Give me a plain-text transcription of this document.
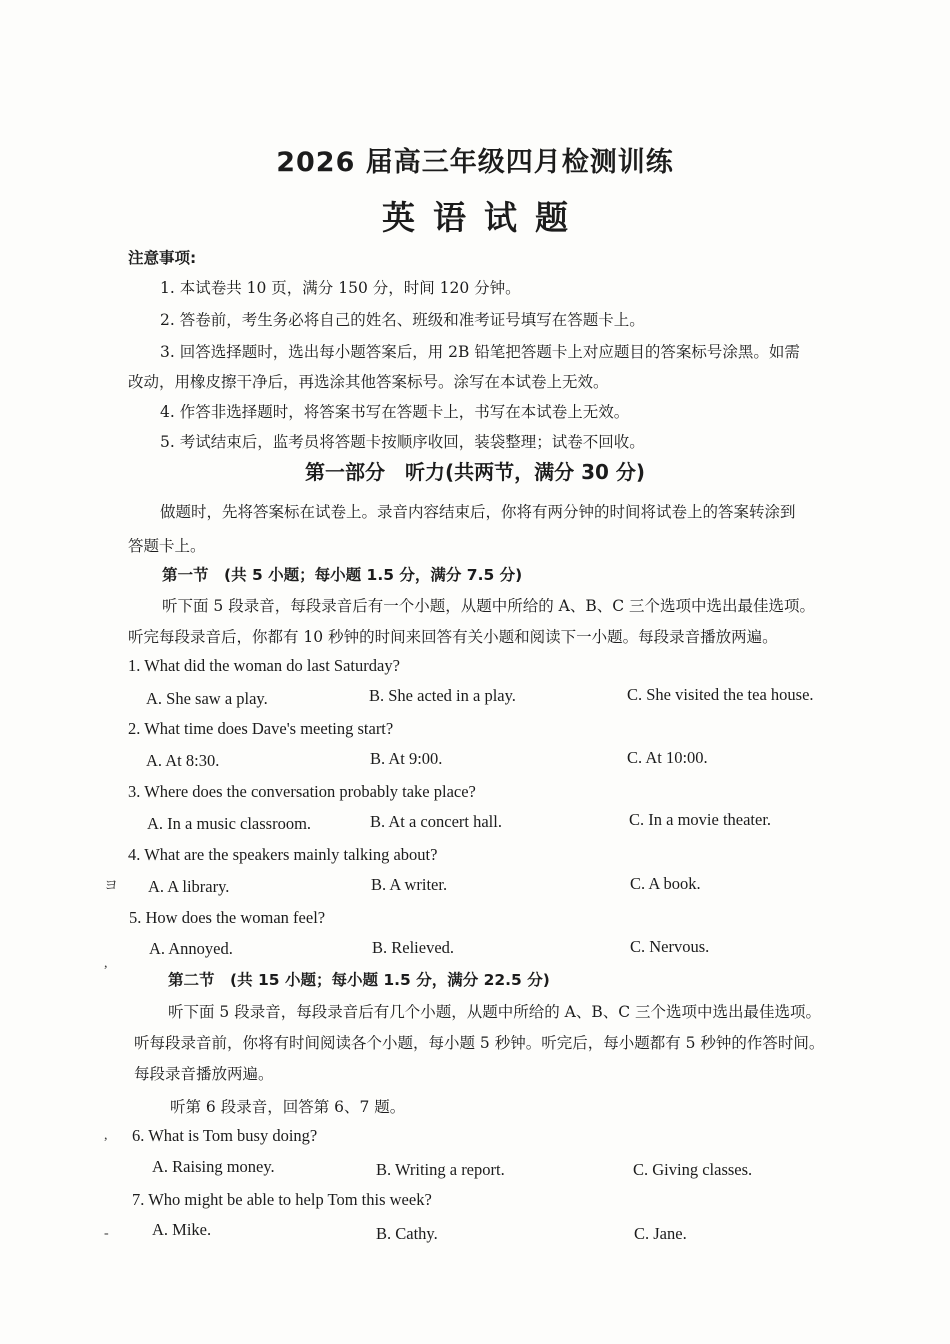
2026 届高三年级四月检测训练
英语试题
注意事项:
1. 本试卷共 10 页，满分 150 分，时间 120 分钟。
2. 答卷前，考生务必将自己的姓名、班级和准考证号填写在答题卡上。
3. 回答选择题时，选出每小题答案后，用 2B 铅笔把答题卡上对应题目的答案标号涂黑。如需
改动，用橡皮擦干净后，再选涂其他答案标号。涂写在本试卷上无效。
4. 作答非选择题时，将答案书写在答题卡上，书写在本试卷上无效。
5. 考试结束后，监考员将答题卡按顺序收回，装袋整理；试卷不回收。
第一部分　听力(共两节，满分 30 分)
做题时，先将答案标在试卷上。录音内容结束后，你将有两分钟的时间将试卷上的答案转涂到
答题卡上。
第一节　(共 5 小题；每小题 1.5 分，满分 7.5 分)
听下面 5 段录音，每段录音后有一个小题，从题中所给的 A、B、C 三个选项中选出最佳选项。
听完每段录音后，你都有 10 秒钟的时间来回答有关小题和阅读下一小题。每段录音播放两遍。
1. What did the woman do last Saturday?
A. She saw a play.	B. She acted in a play.	C. She visited the tea house.
2. What time does Dave's meeting start?
A. At 8:30.	B. At 9:00.	C. At 10:00.
3. Where does the conversation probably take place?
A. In a music classroom.	B. At a concert hall.	C. In a movie theater.
4. What are the speakers mainly talking about?
A. A library.	B. A writer.	C. A book.
5. How does the woman feel?
A. Annoyed.	B. Relieved.	C. Nervous.
第二节　(共 15 小题；每小题 1.5 分，满分 22.5 分)
听下面 5 段录音，每段录音后有几个小题，从题中所给的 A、B、C 三个选项中选出最佳选项。
听每段录音前，你将有时间阅读各个小题，每小题 5 秒钟。听完后，每小题都有 5 秒钟的作答时间。
每段录音播放两遍。
听第 6 段录音，回答第 6、7 题。
6. What is Tom busy doing?
A. Raising money.	B. Writing a report.	C. Giving classes.
7. Who might be able to help Tom this week?
A. Mike.	B. Cathy.	C. Jane.
ヨ
,
,
-
